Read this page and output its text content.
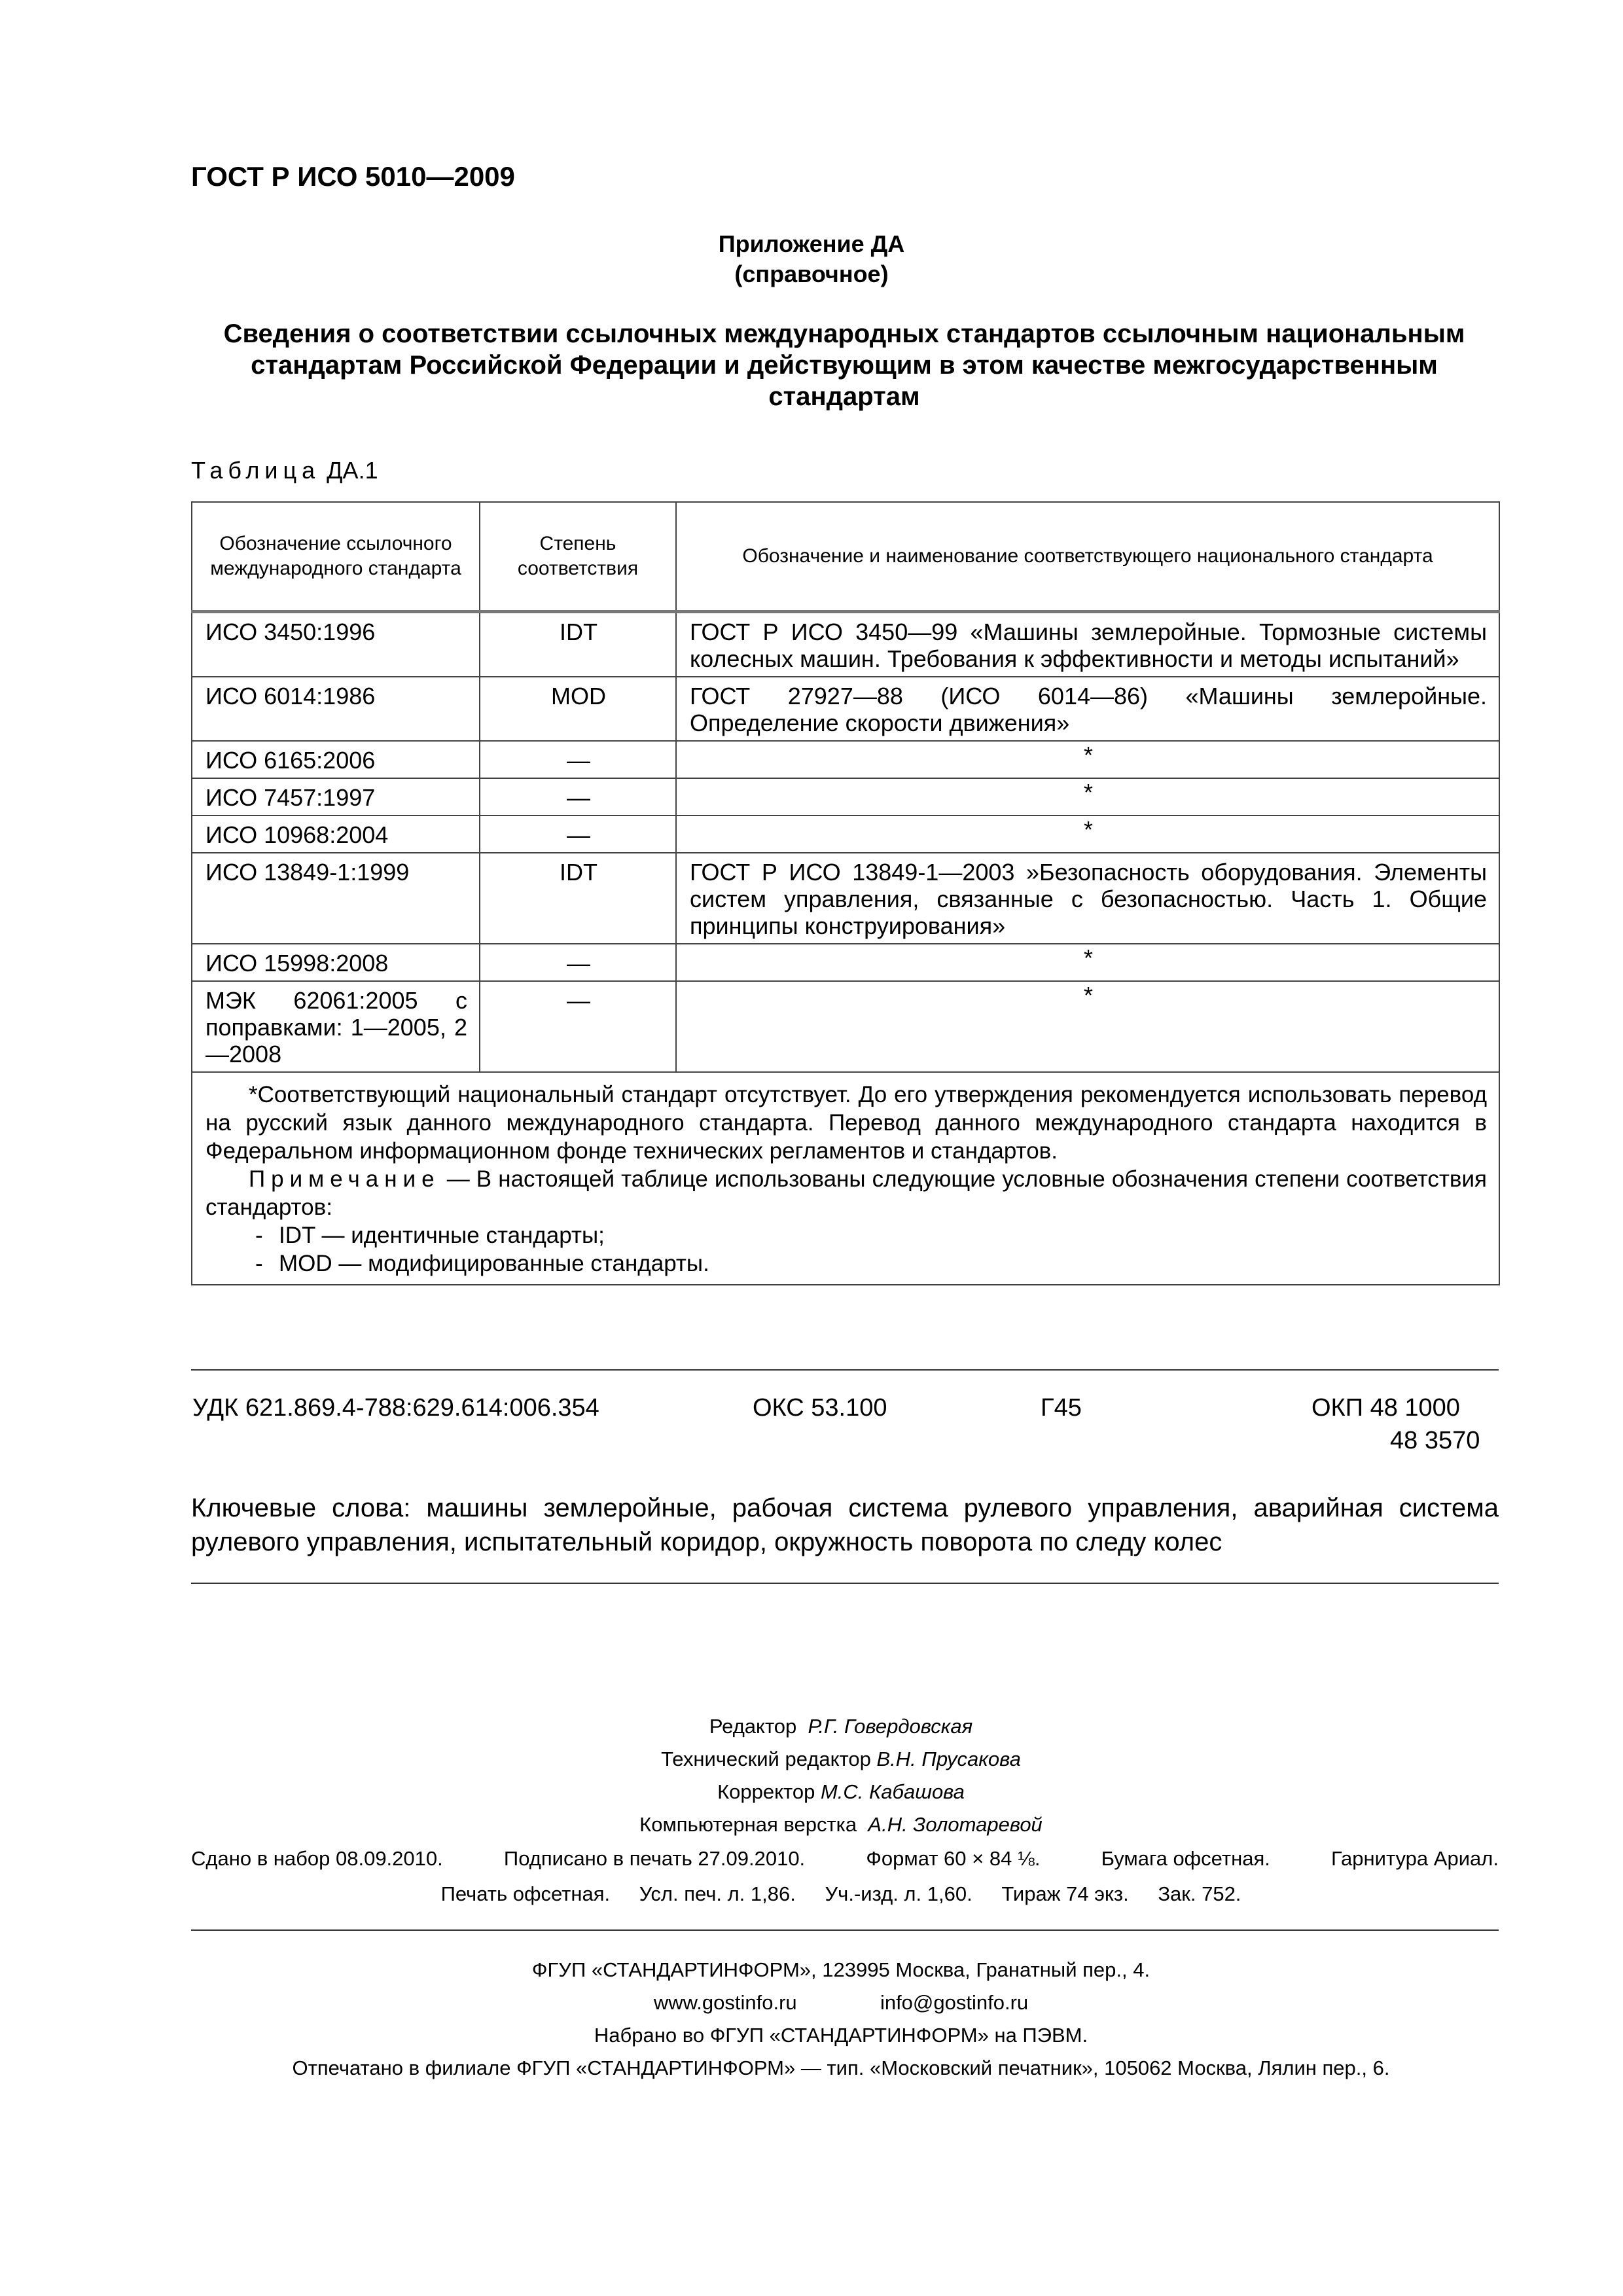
ГОСТ Р ИСО 5010—2009
Приложение ДА
(справочное)
Сведения о соответствии ссылочных международных стандартов ссылочным национальным стандартам Российской Федерации и действующим в этом качестве межгосударственным стандартам
Таблица ДА.1
Обозначение ссылочного международного стандарта	Степень соответствия	Обозначение и наименование соответствующего национального стандарта
ИСО 3450:1996	IDT	ГОСТ Р ИСО 3450—99 «Машины землеройные. Тормозные системы колесных машин. Требования к эффективности и методы испытаний»
ИСО 6014:1986	MOD	ГОСТ 27927—88 (ИСО 6014—86) «Машины землеройные. Определение скорости движения»
ИСО 6165:2006	—	*
ИСО 7457:1997	—	*
ИСО 10968:2004	—	*
ИСО 13849-1:1999	IDT	ГОСТ Р ИСО 13849-1—2003 »Безопасность оборудования. Элементы систем управления, связанные с безопасностью. Часть 1. Общие принципы конструирования»
ИСО 15998:2008	—	*
МЭК 62061:2005 с поправками: 1—2005, 2—2008	—	*

*Соответствующий национальный стандарт отсутствует. До его утверждения рекомендуется использовать перевод на русский язык данного международного стандарта. Перевод данного международного стандарта находится в Федеральном информационном фонде технических регламентов и стандартов.

Примечание — В настоящей таблице использованы следующие условные обозначения степени соответствия стандартов:

- IDT — идентичные стандарты;
- MOD — модифицированные стандарты.
УДК 621.869.4-788:629.614:006.354	ОКС 53.100	Г45	ОКП 48 1000
48 3570
Ключевые слова: машины землеройные, рабочая система рулевого управления, аварийная система рулевого управления, испытательный коридор, окружность поворота по следу колес
Редактор Р.Г. Говердовская
Технический редактор В.Н. Прусакова
Корректор М.С. Кабашова
Компьютерная верстка А.Н. Золотаревой
Сдано в набор 08.09.2010.	Подписано в печать 27.09.2010.	Формат 60 × 84 ⅛.	Бумага офсетная.	Гарнитура Ариал.
Печать офсетная. Усл. печ. л. 1,86. Уч.-изд. л. 1,60. Тираж 74 экз. Зак. 752.
ФГУП «СТАНДАРТИНФОРМ», 123995 Москва, Гранатный пер., 4.
www.gostinfo.ru	info@gostinfo.ru
Набрано во ФГУП «СТАНДАРТИНФОРМ» на ПЭВМ.
Отпечатано в филиале ФГУП «СТАНДАРТИНФОРМ» — тип. «Московский печатник», 105062 Москва, Лялин пер., 6.
